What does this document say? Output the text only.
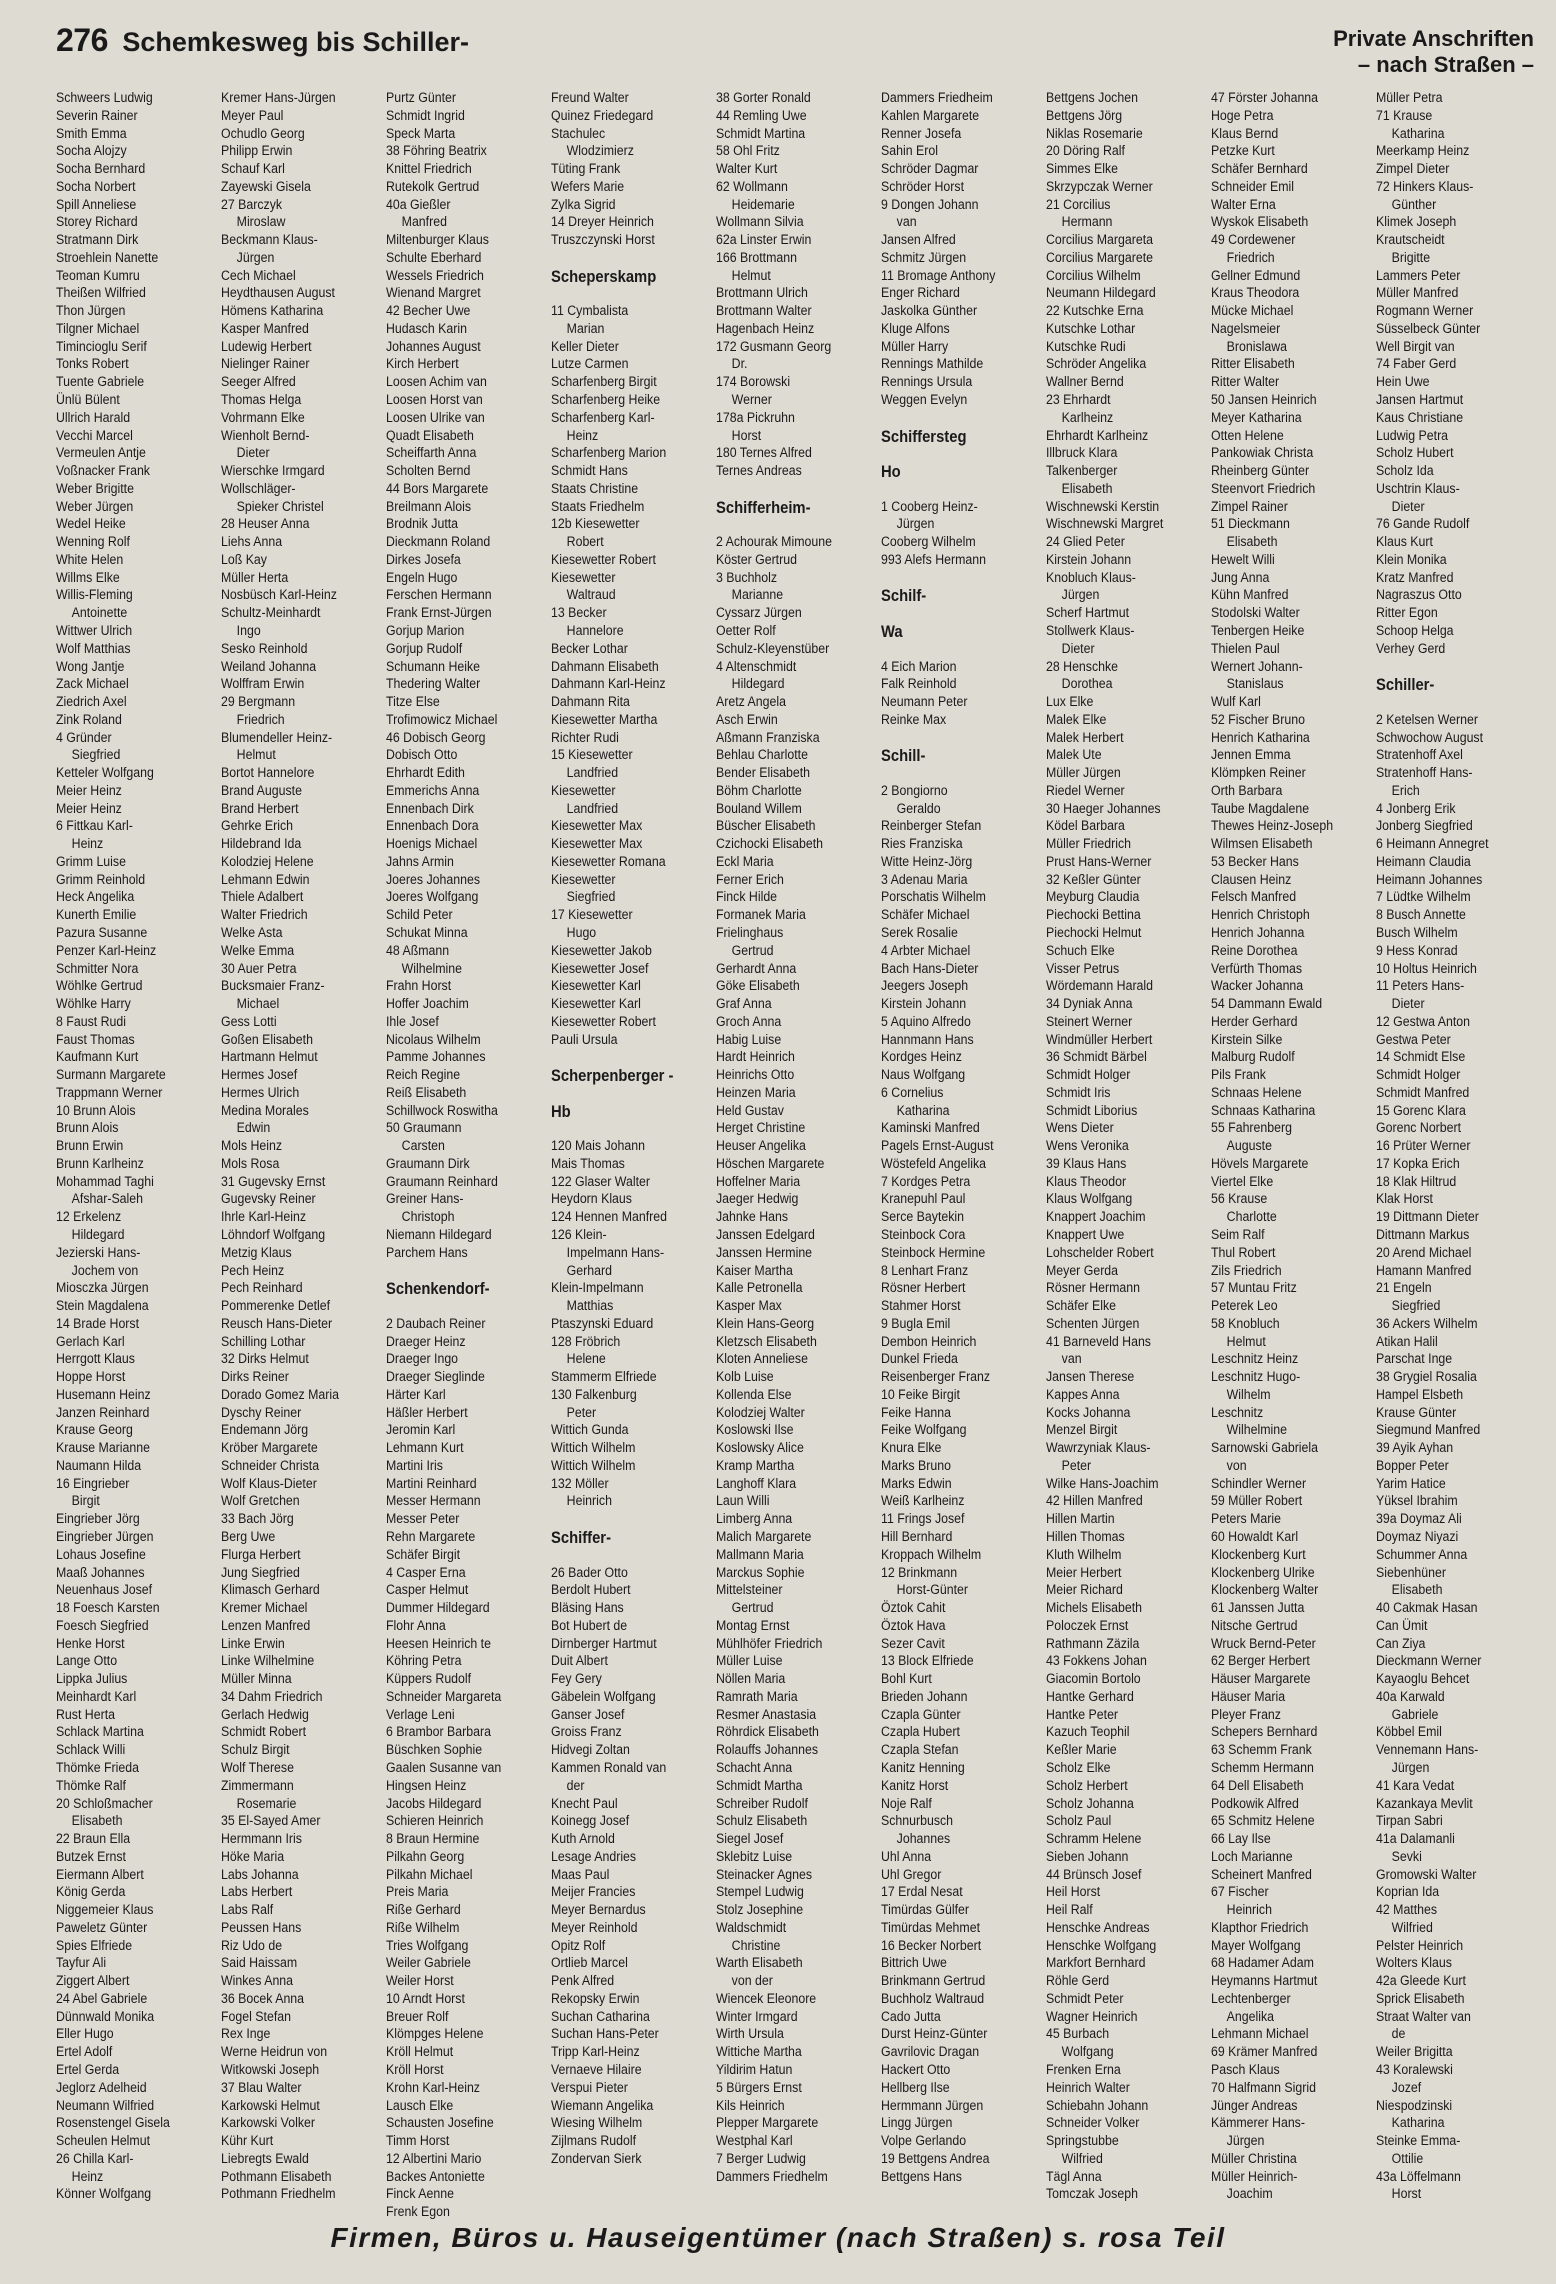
276 Schemkesweg bis Schiller-	Private Anschriften
– nach Straßen –
Schweers Ludwig
Severin Rainer
Smith Emma
Socha Alojzy
Socha Bernhard
Socha Norbert
Spill Anneliese
Storey Richard
Stratmann Dirk
Stroehlein Nanette
Teoman Kumru
Theißen Wilfried
Thon Jürgen
Tilgner Michael
Timincioglu Serif
Tonks Robert
Tuente Gabriele
Ünlü Bülent
Ullrich Harald
Vecchi Marcel
Vermeulen Antje
Voßnacker Frank
Weber Brigitte
Weber Jürgen
Wedel Heike
Wenning Rolf
White Helen
Willms Elke
Willis-Fleming
Antoinette
Wittwer Ulrich
Wolf Matthias
Wong Jantje
Zack Michael
Ziedrich Axel
Zink Roland
4 Gründer
Siegfried
Ketteler Wolfgang
Meier Heinz
Meier Heinz
6 Fittkau Karl-
Heinz
Grimm Luise
Grimm Reinhold
Heck Angelika
Kunerth Emilie
Pazura Susanne
Penzer Karl-Heinz
Schmitter Nora
Wöhlke Gertrud
Wöhlke Harry
8 Faust Rudi
Faust Thomas
Kaufmann Kurt
Surmann Margarete
Trappmann Werner
10 Brunn Alois
Brunn Alois
Brunn Erwin
Brunn Karlheinz
Mohammad Taghi
Afshar-Saleh
12 Erkelenz
Hildegard
Jezierski Hans-
Jochem von
Miosczka Jürgen
Stein Magdalena
14 Brade Horst
Gerlach Karl
Herrgott Klaus
Hoppe Horst
Husemann Heinz
Janzen Reinhard
Krause Georg
Krause Marianne
Naumann Hilda
16 Eingrieber
Birgit
Eingrieber Jörg
Eingrieber Jürgen
Lohaus Josefine
Maaß Johannes
Neuenhaus Josef
18 Foesch Karsten
Foesch Siegfried
Henke Horst
Lange Otto
Lippka Julius
Meinhardt Karl
Rust Herta
Schlack Martina
Schlack Willi
Thömke Frieda
Thömke Ralf
20 Schloßmacher
Elisabeth
22 Braun Ella
Butzek Ernst
Eiermann Albert
König Gerda
Niggemeier Klaus
Paweletz Günter
Spies Elfriede
Tayfur Ali
Ziggert Albert
24 Abel Gabriele
Dünnwald Monika
Eller Hugo
Ertel Adolf
Ertel Gerda
Jeglorz Adelheid
Neumann Wilfried
Rosenstengel Gisela
Scheulen Helmut
26 Chilla Karl-
Heinz
Könner Wolfgang
Kremer Hans-Jürgen
Meyer Paul
Ochudlo Georg
Philipp Erwin
Schauf Karl
Zayewski Gisela
27 Barczyk
Miroslaw
Beckmann Klaus-
Jürgen
Cech Michael
Heydthausen August
Hömens Katharina
Kasper Manfred
Ludewig Herbert
Nielinger Rainer
Seeger Alfred
Thomas Helga
Vohrmann Elke
Wienholt Bernd-
Dieter
Wierschke Irmgard
Wollschläger-
Spieker Christel
28 Heuser Anna
Liehs Anna
Loß Kay
Müller Herta
Nosbüsch Karl-Heinz
Schultz-Meinhardt
Ingo
Sesko Reinhold
Weiland Johanna
Wolffram Erwin
29 Bergmann
Friedrich
Blumendeller Heinz-
Helmut
Bortot Hannelore
Brand Auguste
Brand Herbert
Gehrke Erich
Hildebrand Ida
Kolodziej Helene
Lehmann Edwin
Thiele Adalbert
Walter Friedrich
Welke Asta
Welke Emma
30 Auer Petra
Bucksmaier Franz-
Michael
Gess Lotti
Goßen Elisabeth
Hartmann Helmut
Hermes Josef
Hermes Ulrich
Medina Morales
Edwin
Mols Heinz
Mols Rosa
31 Gugevsky Ernst
Gugevsky Reiner
Ihrle Karl-Heinz
Löhndorf Wolfgang
Metzig Klaus
Pech Heinz
Pech Reinhard
Pommerenke Detlef
Reusch Hans-Dieter
Schilling Lothar
32 Dirks Helmut
Dirks Reiner
Dorado Gomez Maria
Dyschy Reiner
Endemann Jörg
Kröber Margarete
Schneider Christa
Wolf Klaus-Dieter
Wolf Gretchen
33 Bach Jörg
Berg Uwe
Flurga Herbert
Jung Siegfried
Klimasch Gerhard
Kremer Michael
Lenzen Manfred
Linke Erwin
Linke Wilhelmine
Müller Minna
34 Dahm Friedrich
Gerlach Hedwig
Schmidt Robert
Schulz Birgit
Wolf Therese
Zimmermann
Rosemarie
35 El-Sayed Amer
Hermmann Iris
Höke Maria
Labs Johanna
Labs Herbert
Labs Ralf
Peussen Hans
Riz Udo de
Said Haissam
Winkes Anna
36 Bocek Anna
Fogel Stefan
Rex Inge
Werne Heidrun von
Witkowski Joseph
37 Blau Walter
Karkowski Helmut
Karkowski Volker
Kühr Kurt
Liebregts Ewald
Pothmann Elisabeth
Pothmann Friedhelm
Purtz Günter
Schmidt Ingrid
Speck Marta
38 Föhring Beatrix
Knittel Friedrich
Rutekolk Gertrud
40a Gießler
Manfred
Miltenburger Klaus
Schulte Eberhard
Wessels Friedrich
Wienand Margret
42 Becher Uwe
Hudasch Karin
Johannes August
Kirch Herbert
Loosen Achim van
Loosen Horst van
Loosen Ulrike van
Quadt Elisabeth
Scheiffarth Anna
Scholten Bernd
44 Bors Margarete
Breilmann Alois
Brodnik Jutta
Dieckmann Roland
Dirkes Josefa
Engeln Hugo
Ferschen Hermann
Frank Ernst-Jürgen
Gorjup Marion
Gorjup Rudolf
Schumann Heike
Thedering Walter
Titze Else
Trofimowicz Michael
46 Dobisch Georg
Dobisch Otto
Ehrhardt Edith
Emmerichs Anna
Ennenbach Dirk
Ennenbach Dora
Hoenigs Michael
Jahns Armin
Joeres Johannes
Joeres Wolfgang
Schild Peter
Schukat Minna
48 Aßmann
Wilhelmine
Frahn Horst
Hoffer Joachim
Ihle Josef
Nicolaus Wilhelm
Pamme Johannes
Reich Regine
Reiß Elisabeth
Schillwock Roswitha
50 Graumann
Carsten
Graumann Dirk
Graumann Reinhard
Greiner Hans-
Christoph
Niemann Hildegard
Parchem Hans
Schenkendorf-
2 Daubach Reiner
Draeger Heinz
Draeger Ingo
Draeger Sieglinde
Härter Karl
Häßler Herbert
Jeromin Karl
Lehmann Kurt
Martini Iris
Martini Reinhard
Messer Hermann
Messer Peter
Rehn Margarete
Schäfer Birgit
4 Casper Erna
Casper Helmut
Dummer Hildegard
Flohr Anna
Heesen Heinrich te
Köhring Petra
Küppers Rudolf
Schneider Margareta
Verlage Leni
6 Brambor Barbara
Büschken Sophie
Gaalen Susanne van
Hingsen Heinz
Jacobs Hildegard
Schieren Heinrich
8 Braun Hermine
Pilkahn Georg
Pilkahn Michael
Preis Maria
Riße Gerhard
Riße Wilhelm
Tries Wolfgang
Weiler Gabriele
Weiler Horst
10 Arndt Horst
Breuer Rolf
Klömpges Helene
Kröll Helmut
Kröll Horst
Krohn Karl-Heinz
Lausch Elke
Schausten Josefine
Timm Horst
12 Albertini Mario
Backes Antoniette
Finck Aenne
Frenk Egon
Freund Walter
Quinez Friedegard
Stachulec
Wlodzimierz
Tüting Frank
Wefers Marie
Zylka Sigrid
14 Dreyer Heinrich
Truszczynski Horst
Scheperskamp
11 Cymbalista
Marian
Keller Dieter
Lutze Carmen
Scharfenberg Birgit
Scharfenberg Heike
Scharfenberg Karl-
Heinz
Scharfenberg Marion
Schmidt Hans
Staats Christine
Staats Friedhelm
12b Kiesewetter
Robert
Kiesewetter Robert
Kiesewetter
Waltraud
13 Becker
Hannelore
Becker Lothar
Dahmann Elisabeth
Dahmann Karl-Heinz
Dahmann Rita
Kiesewetter Martha
Richter Rudi
15 Kiesewetter
Landfried
Kiesewetter
Landfried
Kiesewetter Max
Kiesewetter Max
Kiesewetter Romana
Kiesewetter
Siegfried
17 Kiesewetter
Hugo
Kiesewetter Jakob
Kiesewetter Josef
Kiesewetter Karl
Kiesewetter Karl
Kiesewetter Robert
Pauli Ursula
Scherpenberger -
Hb
120 Mais Johann
Mais Thomas
122 Glaser Walter
Heydorn Klaus
124 Hennen Manfred
126 Klein-
Impelmann Hans-
Gerhard
Klein-Impelmann
Matthias
Ptaszynski Eduard
128 Fröbrich
Helene
Stammerm Elfriede
130 Falkenburg
Peter
Wittich Gunda
Wittich Wilhelm
Wittich Wilhelm
132 Möller
Heinrich
Schiffer-
26 Bader Otto
Berdolt Hubert
Bläsing Hans
Bot Hubert de
Dirnberger Hartmut
Duit Albert
Fey Gery
Gäbelein Wolfgang
Ganser Josef
Groiss Franz
Hidvegi Zoltan
Kammen Ronald van
der
Knecht Paul
Koinegg Josef
Kuth Arnold
Lesage Andries
Maas Paul
Meijer Francies
Meyer Bernardus
Meyer Reinhold
Opitz Rolf
Ortlieb Marcel
Penk Alfred
Rekopsky Erwin
Suchan Catharina
Suchan Hans-Peter
Tripp Karl-Heinz
Vernaeve Hilaire
Verspui Pieter
Wiemann Angelika
Wiesing Wilhelm
Zijlmans Rudolf
Zondervan Sierk
38 Gorter Ronald
44 Remling Uwe
Schmidt Martina
58 Ohl Fritz
Walter Kurt
62 Wollmann
Heidemarie
Wollmann Silvia
62a Linster Erwin
166 Brottmann
Helmut
Brottmann Ulrich
Brottmann Walter
Hagenbach Heinz
172 Gusmann Georg
Dr.
174 Borowski
Werner
178a Pickruhn
Horst
180 Ternes Alfred
Ternes Andreas
Schifferheim-
2 Achourak Mimoune
Köster Gertrud
3 Buchholz
Marianne
Cyssarz Jürgen
Oetter Rolf
Schulz-Kleyenstüber
4 Altenschmidt
Hildegard
Aretz Angela
Asch Erwin
Aßmann Franziska
Behlau Charlotte
Bender Elisabeth
Böhm Charlotte
Bouland Willem
Büscher Elisabeth
Czichocki Elisabeth
Eckl Maria
Ferner Erich
Finck Hilde
Formanek Maria
Frielinghaus
Gertrud
Gerhardt Anna
Göke Elisabeth
Graf Anna
Groch Anna
Habig Luise
Hardt Heinrich
Heinrichs Otto
Heinzen Maria
Held Gustav
Herget Christine
Heuser Angelika
Höschen Margarete
Hoffelner Maria
Jaeger Hedwig
Jahnke Hans
Janssen Edelgard
Janssen Hermine
Kaiser Martha
Kalle Petronella
Kasper Max
Klein Hans-Georg
Kletzsch Elisabeth
Kloten Anneliese
Kolb Luise
Kollenda Else
Kolodziej Walter
Koslowski Ilse
Koslowsky Alice
Kramp Martha
Langhoff Klara
Laun Willi
Limberg Anna
Malich Margarete
Mallmann Maria
Marckus Sophie
Mittelsteiner
Gertrud
Montag Ernst
Mühlhöfer Friedrich
Müller Luise
Nöllen Maria
Ramrath Maria
Resmer Anastasia
Röhrdick Elisabeth
Rolauffs Johannes
Schacht Anna
Schmidt Martha
Schreiber Rudolf
Schulz Elisabeth
Siegel Josef
Sklebitz Luise
Steinacker Agnes
Stempel Ludwig
Stolz Josephine
Waldschmidt
Christine
Warth Elisabeth
von der
Wiencek Eleonore
Winter Irmgard
Wirth Ursula
Wittiche Martha
Yildirim Hatun
5 Bürgers Ernst
Kils Heinrich
Plepper Margarete
Westphal Karl
7 Berger Ludwig
Dammers Friedhelm
Dammers Friedheim
Kahlen Margarete
Renner Josefa
Sahin Erol
Schröder Dagmar
Schröder Horst
9 Dongen Johann
van
Jansen Alfred
Schmitz Jürgen
11 Bromage Anthony
Enger Richard
Jaskolka Günther
Kluge Alfons
Müller Harry
Rennings Mathilde
Rennings Ursula
Weggen Evelyn
Schiffersteg
Ho
1 Cooberg Heinz-
Jürgen
Cooberg Wilhelm
993 Alefs Hermann
Schilf-
Wa
4 Eich Marion
Falk Reinhold
Neumann Peter
Reinke Max
Schill-
2 Bongiorno
Geraldo
Reinberger Stefan
Ries Franziska
Witte Heinz-Jörg
3 Adenau Maria
Porschatis Wilhelm
Schäfer Michael
Serek Rosalie
4 Arbter Michael
Bach Hans-Dieter
Jeegers Joseph
Kirstein Johann
5 Aquino Alfredo
Hannmann Hans
Kordges Heinz
Naus Wolfgang
6 Cornelius
Katharina
Kaminski Manfred
Pagels Ernst-August
Wöstefeld Angelika
7 Kordges Petra
Kranepuhl Paul
Serce Baytekin
Steinbock Cora
Steinbock Hermine
8 Lenhart Franz
Rösner Herbert
Stahmer Horst
9 Bugla Emil
Dembon Heinrich
Dunkel Frieda
Reisenberger Franz
10 Feike Birgit
Feike Hanna
Feike Wolfgang
Knura Elke
Marks Bruno
Marks Edwin
Weiß Karlheinz
11 Frings Josef
Hill Bernhard
Kroppach Wilhelm
12 Brinkmann
Horst-Günter
Öztok Cahit
Öztok Hava
Sezer Cavit
13 Block Elfriede
Bohl Kurt
Brieden Johann
Czapla Günter
Czapla Hubert
Czapla Stefan
Kanitz Henning
Kanitz Horst
Noje Ralf
Schnurbusch
Johannes
Uhl Anna
Uhl Gregor
17 Erdal Nesat
Timürdas Gülfer
Timürdas Mehmet
16 Becker Norbert
Bittrich Uwe
Brinkmann Gertrud
Buchholz Waltraud
Cado Jutta
Durst Heinz-Günter
Gavrilovic Dragan
Hackert Otto
Hellberg Ilse
Hermmann Jürgen
Lingg Jürgen
Volpe Gerlando
19 Bettgens Andrea
Bettgens Hans
Bettgens Jochen
Bettgens Jörg
Niklas Rosemarie
20 Döring Ralf
Simmes Elke
Skrzypczak Werner
21 Corcilius
Hermann
Corcilius Margareta
Corcilius Margarete
Corcilius Wilhelm
Neumann Hildegard
22 Kutschke Erna
Kutschke Lothar
Kutschke Rudi
Schröder Angelika
Wallner Bernd
23 Ehrhardt
Karlheinz
Ehrhardt Karlheinz
Illbruck Klara
Talkenberger
Elisabeth
Wischnewski Kerstin
Wischnewski Margret
24 Glied Peter
Kirstein Johann
Knobluch Klaus-
Jürgen
Scherf Hartmut
Stollwerk Klaus-
Dieter
28 Henschke
Dorothea
Lux Elke
Malek Elke
Malek Herbert
Malek Ute
Müller Jürgen
Riedel Werner
30 Haeger Johannes
Ködel Barbara
Müller Friedrich
Prust Hans-Werner
32 Keßler Günter
Meyburg Claudia
Piechocki Bettina
Piechocki Helmut
Schuch Elke
Visser Petrus
Wördemann Harald
34 Dyniak Anna
Steinert Werner
Windmüller Herbert
36 Schmidt Bärbel
Schmidt Holger
Schmidt Iris
Schmidt Liborius
Wens Dieter
Wens Veronika
39 Klaus Hans
Klaus Theodor
Klaus Wolfgang
Knappert Joachim
Knappert Uwe
Lohschelder Robert
Meyer Gerda
Rösner Hermann
Schäfer Elke
Schenten Jürgen
41 Barneveld Hans
van
Jansen Therese
Kappes Anna
Kocks Johanna
Menzel Birgit
Wawrzyniak Klaus-
Peter
Wilke Hans-Joachim
42 Hillen Manfred
Hillen Martin
Hillen Thomas
Kluth Wilhelm
Meier Herbert
Meier Richard
Michels Elisabeth
Poloczek Ernst
Rathmann Zäzila
43 Fokkens Johan
Giacomin Bortolo
Hantke Gerhard
Hantke Peter
Kazuch Teophil
Keßler Marie
Scholz Elke
Scholz Herbert
Scholz Johanna
Scholz Paul
Schramm Helene
Sieben Johann
44 Brünsch Josef
Heil Horst
Heil Ralf
Henschke Andreas
Henschke Wolfgang
Markfort Bernhard
Röhle Gerd
Schmidt Peter
Wagner Heinrich
45 Burbach
Wolfgang
Frenken Erna
Heinrich Walter
Schiebahn Johann
Schneider Volker
Springstubbe
Wilfried
Tägl Anna
Tomczak Joseph
47 Förster Johanna
Hoge Petra
Klaus Bernd
Petzke Kurt
Schäfer Bernhard
Schneider Emil
Walter Erna
Wyskok Elisabeth
49 Cordewener
Friedrich
Gellner Edmund
Kraus Theodora
Mücke Michael
Nagelsmeier
Bronislawa
Ritter Elisabeth
Ritter Walter
50 Jansen Heinrich
Meyer Katharina
Otten Helene
Pankowiak Christa
Rheinberg Günter
Steenvort Friedrich
Zimpel Rainer
51 Dieckmann
Elisabeth
Hewelt Willi
Jung Anna
Kühn Manfred
Stodolski Walter
Tenbergen Heike
Thielen Paul
Wernert Johann-
Stanislaus
Wulf Karl
52 Fischer Bruno
Henrich Katharina
Jennen Emma
Klömpken Reiner
Orth Barbara
Taube Magdalene
Thewes Heinz-Joseph
Wilmsen Elisabeth
53 Becker Hans
Clausen Heinz
Felsch Manfred
Henrich Christoph
Henrich Johanna
Reine Dorothea
Verfürth Thomas
Wacker Johanna
54 Dammann Ewald
Herder Gerhard
Kirstein Silke
Malburg Rudolf
Pils Frank
Schnaas Helene
Schnaas Katharina
55 Fahrenberg
Auguste
Hövels Margarete
Viertel Elke
56 Krause
Charlotte
Seim Ralf
Thul Robert
Zils Friedrich
57 Muntau Fritz
Peterek Leo
58 Knobluch
Helmut
Leschnitz Heinz
Leschnitz Hugo-
Wilhelm
Leschnitz
Wilhelmine
Sarnowski Gabriela
von
Schindler Werner
59 Müller Robert
Peters Marie
60 Howaldt Karl
Klockenberg Kurt
Klockenberg Ulrike
Klockenberg Walter
61 Janssen Jutta
Nitsche Gertrud
Wruck Bernd-Peter
62 Berger Herbert
Häuser Margarete
Häuser Maria
Pleyer Franz
Schepers Bernhard
63 Schemm Frank
Schemm Hermann
64 Dell Elisabeth
Podkowik Alfred
65 Schmitz Helene
66 Lay Ilse
Loch Marianne
Scheinert Manfred
67 Fischer
Heinrich
Klapthor Friedrich
Mayer Wolfgang
68 Hadamer Adam
Heymanns Hartmut
Lechtenberger
Angelika
Lehmann Michael
69 Krämer Manfred
Pasch Klaus
70 Halfmann Sigrid
Jünger Andreas
Kämmerer Hans-
Jürgen
Müller Christina
Müller Heinrich-
Joachim
Müller Petra
71 Krause
Katharina
Meerkamp Heinz
Zimpel Dieter
72 Hinkers Klaus-
Günther
Klimek Joseph
Krautscheidt
Brigitte
Lammers Peter
Müller Manfred
Rogmann Werner
Süsselbeck Günter
Well Birgit van
74 Faber Gerd
Hein Uwe
Jansen Hartmut
Kaus Christiane
Ludwig Petra
Scholz Hubert
Scholz Ida
Uschtrin Klaus-
Dieter
76 Gande Rudolf
Klaus Kurt
Klein Monika
Kratz Manfred
Nagraszus Otto
Ritter Egon
Schoop Helga
Verhey Gerd
Schiller-
2 Ketelsen Werner
Schwochow August
Stratenhoff Axel
Stratenhoff Hans-
Erich
4 Jonberg Erik
Jonberg Siegfried
6 Heimann Annegret
Heimann Claudia
Heimann Johannes
7 Lüdtke Wilhelm
8 Busch Annette
Busch Wilhelm
9 Hess Konrad
10 Holtus Heinrich
11 Peters Hans-
Dieter
12 Gestwa Anton
Gestwa Peter
14 Schmidt Else
Schmidt Holger
Schmidt Manfred
15 Gorenc Klara
Gorenc Norbert
16 Prüter Werner
17 Kopka Erich
18 Klak Hiltrud
Klak Horst
19 Dittmann Dieter
Dittmann Markus
20 Arend Michael
Hamann Manfred
21 Engeln
Siegfried
36 Ackers Wilhelm
Atikan Halil
Parschat Inge
38 Grygiel Rosalia
Hampel Elsbeth
Krause Günter
Siegmund Manfred
39 Ayik Ayhan
Bopper Peter
Yarim Hatice
Yüksel Ibrahim
39a Doymaz Ali
Doymaz Niyazi
Schummer Anna
Siebenhüner
Elisabeth
40 Cakmak Hasan
Can Ümit
Can Ziya
Dieckmann Werner
Kayaoglu Behcet
40a Karwald
Gabriele
Köbbel Emil
Vennemann Hans-
Jürgen
41 Kara Vedat
Kazankaya Mevlit
Tirpan Sabri
41a Dalamanli
Sevki
Gromowski Walter
Koprian Ida
42 Matthes
Wilfried
Pelster Heinrich
Wolters Klaus
42a Gleede Kurt
Sprick Elisabeth
Straat Walter van
de
Weiler Brigitta
43 Koralewski
Jozef
Niespodzinski
Katharina
Steinke Emma-
Ottilie
43a Löffelmann
Horst
Firmen, Büros u. Hauseigentümer (nach Straßen) s. rosa Teil
